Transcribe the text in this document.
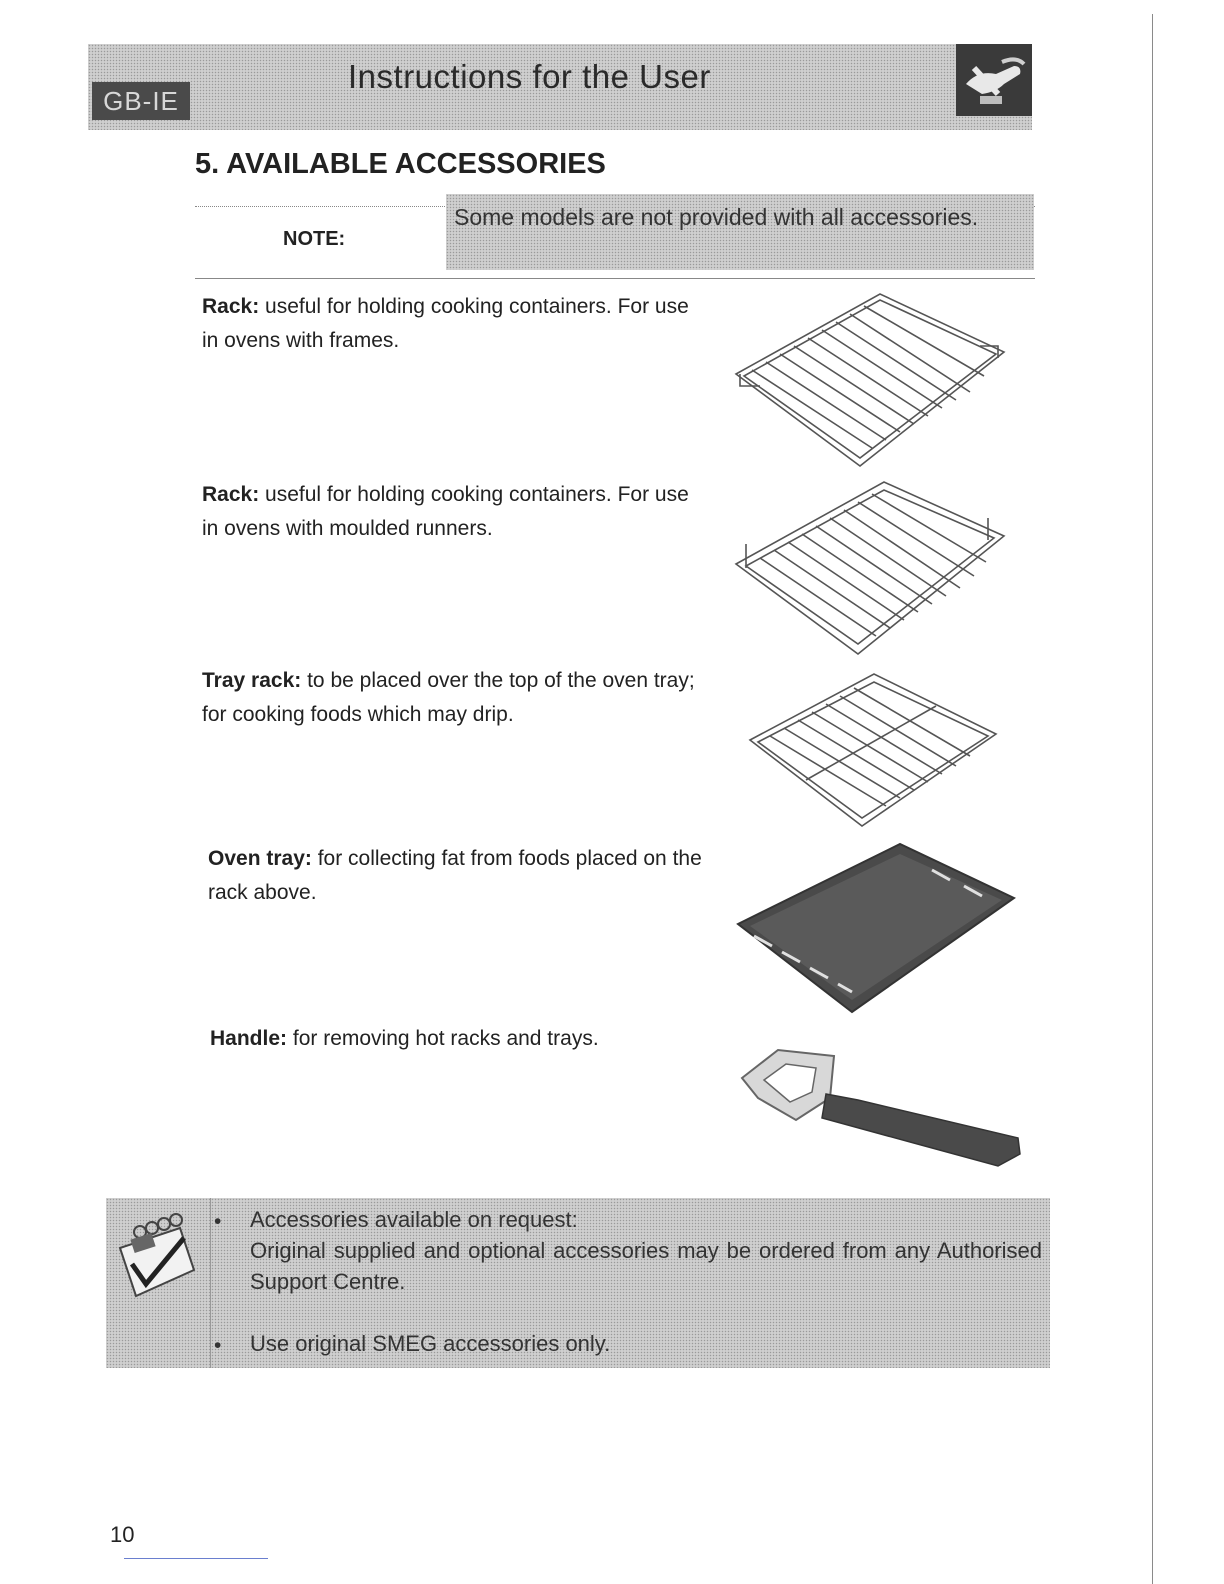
GB-IE
Instructions for the User
5. AVAILABLE ACCESSORIES
NOTE:
Some models are not provided with all accessories.
Rack: useful for holding cooking containers. For use in ovens with frames.
Rack: useful for holding cooking containers. For use in ovens with moulded runners.
Tray rack: to be placed over the top of the oven tray; for cooking foods which may drip.
Oven tray: for collecting fat from foods placed on the rack above.
Handle: for removing hot racks and trays.
• Accessories available on request:
Original supplied and optional accessories may be ordered from any Authorised Support Centre.
• Use original SMEG accessories only.
10
